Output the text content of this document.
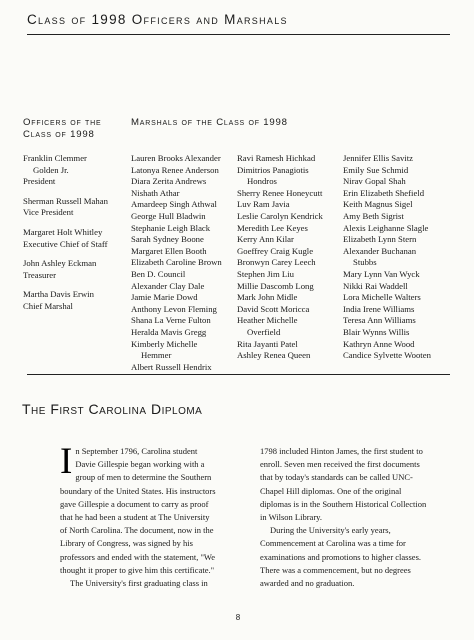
Class of 1998 Officers and Marshals
Officers of the Class of 1998
Marshals of the Class of 1998
Franklin Clemmer
Golden Jr.
President
Sherman Russell Mahan
Vice President
Margaret Holt Whitley
Executive Chief of Staff
John Ashley Eckman
Treasurer
Martha Davis Erwin
Chief Marshal
Lauren Brooks Alexander
Latonya Renee Anderson
Diara Zerita Andrews
Nishath Athar
Amardeep Singh Athwal
George Hull Bladwin
Stephanie Leigh Black
Sarah Sydney Boone
Margaret Ellen Booth
Elizabeth Caroline Brown
Ben D. Council
Alexander Clay Dale
Jamie Marie Dowd
Anthony Levon Fleming
Shana La Verne Fulton
Heralda Mavis Gregg
Kimberly Michelle
Hemmer
Albert Russell Hendrix
Ravi Ramesh Hichkad
Dimitrios Panagiotis
Hondros
Sherry Renee Honeycutt
Luv Ram Javia
Leslie Carolyn Kendrick
Meredith Lee Keyes
Kerry Ann Kilar
Goeffrey Craig Kugle
Bronwyn Carey Leech
Stephen Jim Liu
Millie Dascomb Long
Mark John Midle
David Scott Moricca
Heather Michelle
Overfield
Rita Jayanti Patel
Ashley Renea Queen
Jennifer Ellis Savitz
Emily Sue Schmid
Nirav Gopal Shah
Erin Elizabeth Shefield
Keith Magnus Sigel
Amy Beth Sigrist
Alexis Leighanne Slagle
Elizabeth Lynn Stern
Alexander Buchanan
Stubbs
Mary Lynn Van Wyck
Nikki Rai Waddell
Lora Michelle Walters
India Irene Williams
Teresa Ann Williams
Blair Wynns Willis
Kathryn Anne Wood
Candice Sylvette Wooten
The First Carolina Diploma

In September 1796, Carolina student Davie Gillespie began working with a group of men to determine the Southern boundary of the United States. His instructors gave Gillespie a document to carry as proof that he had been a student at The University of North Carolina. The document, now in the Library of Congress, was signed by his professors and ended with the statement, "We thought it proper to give him this certificate."

The University's first graduating class in

1798 included Hinton James, the first student to enroll. Seven men received the first documents that by today's standards can be called UNC-Chapel Hill diplomas. One of the original diplomas is in the Southern Historical Collection in Wilson Library.

During the University's early years, Commencement at Carolina was a time for examinations and promotions to higher classes. There was a commencement, but no degrees awarded and no graduation.

8
